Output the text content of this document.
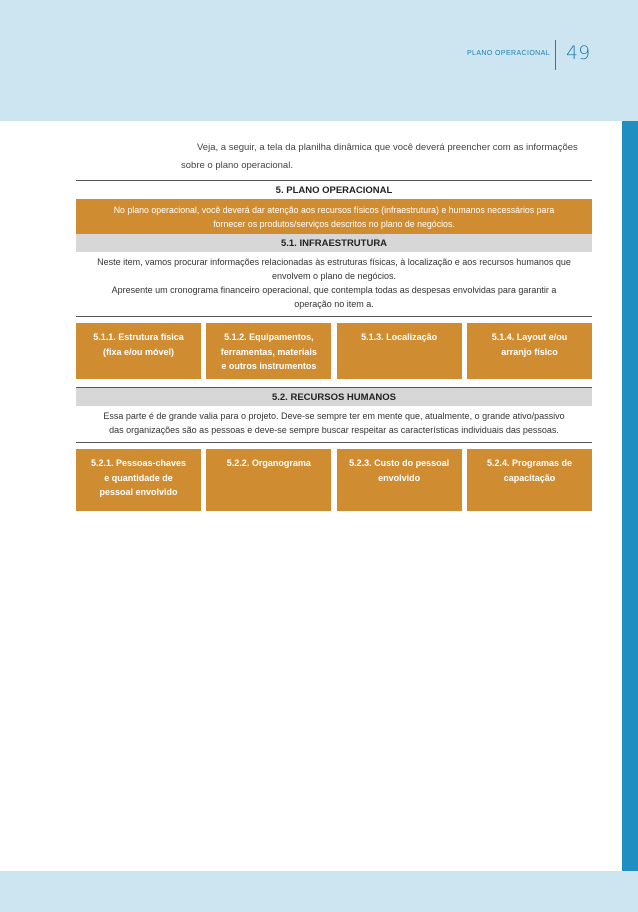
PLANO OPERACIONAL 49
Veja, a seguir, a tela da planilha dinâmica que você deverá preencher com as informações
sobre o plano operacional.
5. PLANO OPERACIONAL
No plano operacional, você deverá dar atenção aos recursos físicos (infraestrutura) e humanos necessários para
fornecer os produtos/serviços descritos no plano de negócios.
5.1. INFRAESTRUTURA
Neste item, vamos procurar informações relacionadas às estruturas físicas, à localização e aos recursos humanos que
envolvem o plano de negócios.
Apresente um cronograma financeiro operacional, que contempla todas as despesas envolvidas para garantir a
operação no item a.
5.1.1. Estrutura física
(fixa e/ou móvel)
5.1.2. Equipamentos,
ferramentas, materiais
e outros instrumentos
5.1.3. Localização	5.1.4. Layout e/ou
arranjo físico
5.2. RECURSOS HUMANOS
Essa parte é de grande valia para o projeto. Deve-se sempre ter em mente que, atualmente, o grande ativo/passivo
das organizações são as pessoas e deve-se sempre buscar respeitar as características individuais das pessoas.
5.2.1. Pessoas-chaves
e quantidade de
pessoal envolvido
5.2.2. Organograma	5.2.3. Custo do pessoal
envolvido
5.2.4. Programas de
capacitação
